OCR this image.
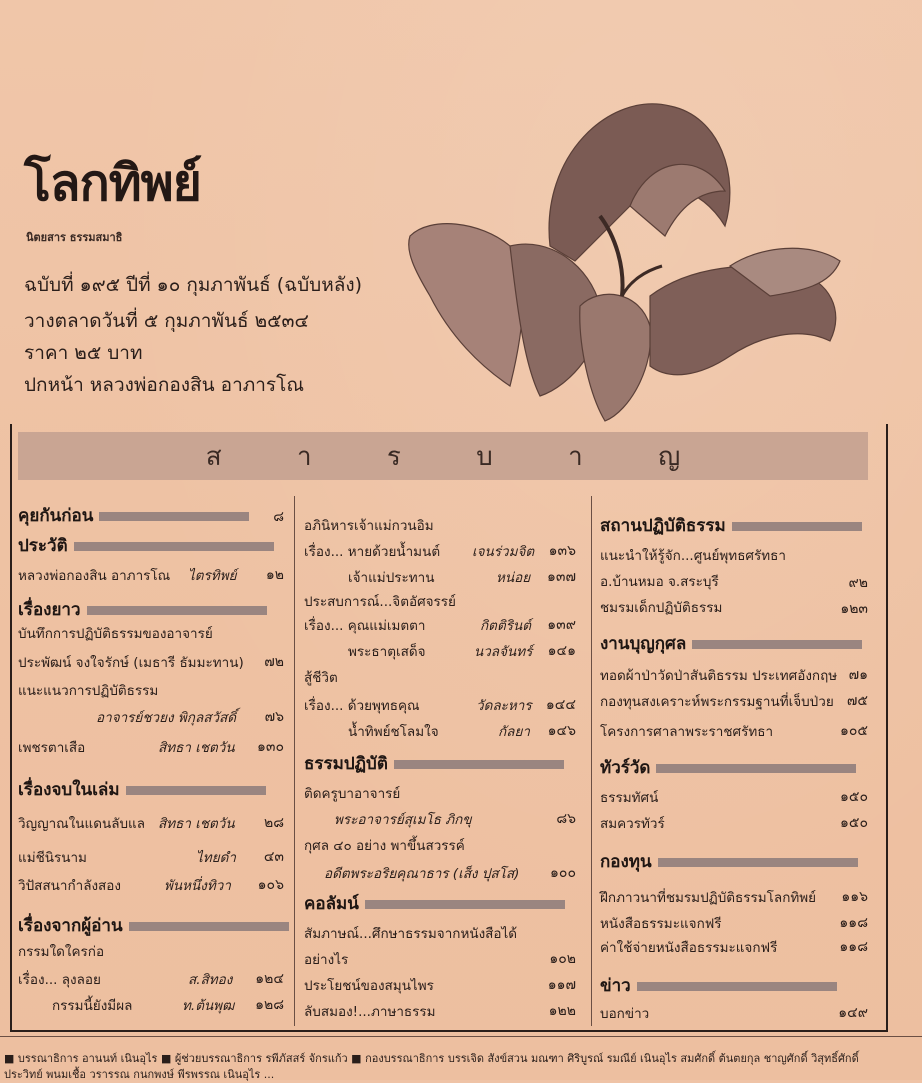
โลกทิพย์
นิตยสาร ธรรมสมาธิ
ฉบับที่ ๑๙๕ ปีที่ ๑๐ กุมภาพันธ์ (ฉบับหลัง)
วางตลาดวันที่ ๕ กุมภาพันธ์ ๒๕๓๔
ราคา ๒๕ บาท
ปกหน้า หลวงพ่อกองสิน อาภารโณ
ส	า	ร	บ	า	ญ
คุยกันก่อน	๘
ประวัติ
หลวงพ่อกองสิน อาภารโณ ไตรทิพย์ ๑๒
เรื่องยาว
บันทึกการปฏิบัติธรรมของอาจารย์
ประพัฒน์ จงใจรักษ์ (เมธารี ธัมมะทาน) ๗๒
แนะแนวการปฏิบัติธรรม
อาจารย์ชวยง พิกุลสวัสดิ์ ๗๖
เพชรตาเสือ	สิทธา เชตวัน ๑๓๐
เรื่องจบในเล่ม
วิญญาณในแดนลับแล สิทธา เชตวัน ๒๘
แม่ชีนิรนาม	ไทยดำ ๔๓
วิปัสสนากำลังสอง	พันหนึ่งทิวา ๑๐๖
เรื่องจากผู้อ่าน
กรรมใดใครก่อ
เรื่อง... ลุงลอย	ส.สิทอง ๑๒๔
กรรมนี้ยังมีผล	ท.ต้นพุฒ ๑๒๘
อภินิหารเจ้าแม่กวนอิม
เรื่อง... หายด้วยน้ำมนต์ เจนร่วมจิต ๑๓๖
เจ้าแม่ประทาน	หน่อย ๑๓๗
ประสบการณ์...จิตอัศจรรย์
เรื่อง... คุณแม่เมตตา	กิตติรินต์ ๑๓๙
พระธาตุเสด็จ	นวลจันทร์ ๑๔๑
สู้ชีวิต
เรื่อง... ด้วยพุทธคุณ	วัดละหาร ๑๔๔
น้ำทิพย์ชโลมใจ	กัลยา ๑๔๖
ธรรมปฏิบัติ
ติดครูบาอาจารย์
พระอาจารย์สุเมโธ ภิกขุ	๘๖
กุศล ๔๐ อย่าง พาขึ้นสวรรค์
อดีตพระอริยคุณาธาร (เส็ง ปุสโส) ๑๐๐
คอลัมน์
สัมภาษณ์...ศึกษาธรรมจากหนังสือได้
อย่างไร	๑๐๒
ประโยชน์ของสมุนไพร	๑๑๗
ลับสมอง!...ภาษาธรรม	๑๒๒
สถานปฏิบัติธรรม
แนะนำให้รู้จัก...ศูนย์พุทธศรัทธา
อ.บ้านหมอ จ.สระบุรี	๙๒
ชมรมเด็กปฏิบัติธรรม	๑๒๓
งานบุญกุศล
ทอดผ้าป่าวัดป่าสันติธรรม ประเทศอังกฤษ ๗๑
กองทุนสงเคราะห์พระกรรมฐานที่เจ็บป่วย ๗๕
โครงการศาลาพระราชศรัทธา	๑๐๕
ทัวร์วัด
ธรรมทัศน์	๑๕๐
สมควรทัวร์	๑๕๐
กองทุน
ฝึกภาวนาที่ชมรมปฏิบัติธรรมโลกทิพย์ ๑๑๖
หนังสือธรรมะแจกฟรี	๑๑๘
ค่าใช้จ่ายหนังสือธรรมะแจกฟรี	๑๑๘
ข่าว
บอกข่าว	๑๔๙
■ บรรณาธิการ อานนท์ เนินอุไร ■ ผู้ช่วยบรรณาธิการ รพีภัสสร์ จักรแก้ว ■ กองบรรณาธิการ บรรเจิด สังข์สวน มณฑา ศิริบูรณ์ รมณีย์ เนินอุไร สมศักดิ์ ต้นตยกุล ชาญศักดิ์ วิสุทธิ์ศักดิ์
ประวิทย์ พนมเชื้อ วรารรณ กนกพงษ์ พีรพรรณ เนินอุไร ...
